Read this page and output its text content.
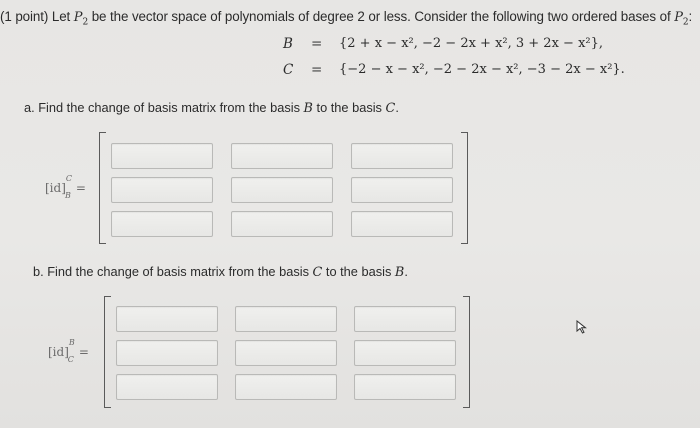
(1 point) Let $P_2$ be the vector space of polynomials of degree 2 or less. Consider the following two ordered bases of $P_2$:
B = {2 + x − x², −2 − 2x + x², 3 + 2x − x²},
C = {−2 − x − x², −2 − 2x − x², −3 − 2x − x²}.
a. Find the change of basis matrix from the basis B to the basis C.
[id]$^C_B$=
b. Find the change of basis matrix from the basis C to the basis B.
[id]$^B_C$=
